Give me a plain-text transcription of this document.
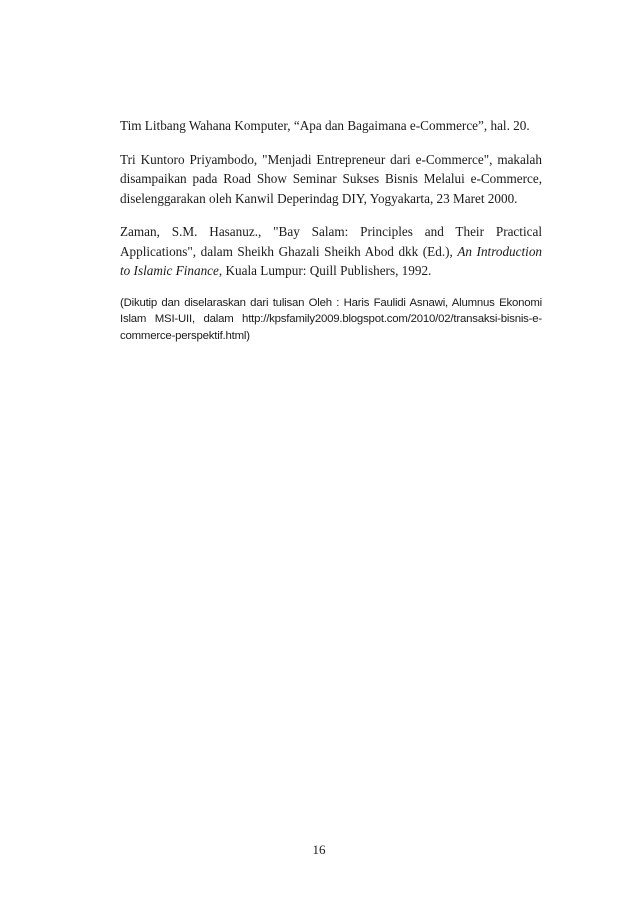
Tim Litbang Wahana Komputer, “Apa dan Bagaimana e-Commerce”, hal. 20.

Tri Kuntoro Priyambodo, "Menjadi Entrepreneur dari e-Commerce", makalah disampaikan pada Road Show Seminar Sukses Bisnis Melalui e-Commerce, diselenggarakan oleh Kanwil Deperindag DIY, Yogyakarta, 23 Maret 2000.

Zaman, S.M. Hasanuz., "Bay Salam: Principles and Their Practical Applications", dalam Sheikh Ghazali Sheikh Abod dkk (Ed.), An Introduction to Islamic Finance, Kuala Lumpur: Quill Publishers, 1992.

(Dikutip dan diselaraskan dari tulisan Oleh : Haris Faulidi Asnawi, Alumnus Ekonomi Islam MSI-UII, dalam http://kpsfamily2009.blogspot.com/2010/02/transaksi-bisnis-e-commerce-perspektif.html)

16
